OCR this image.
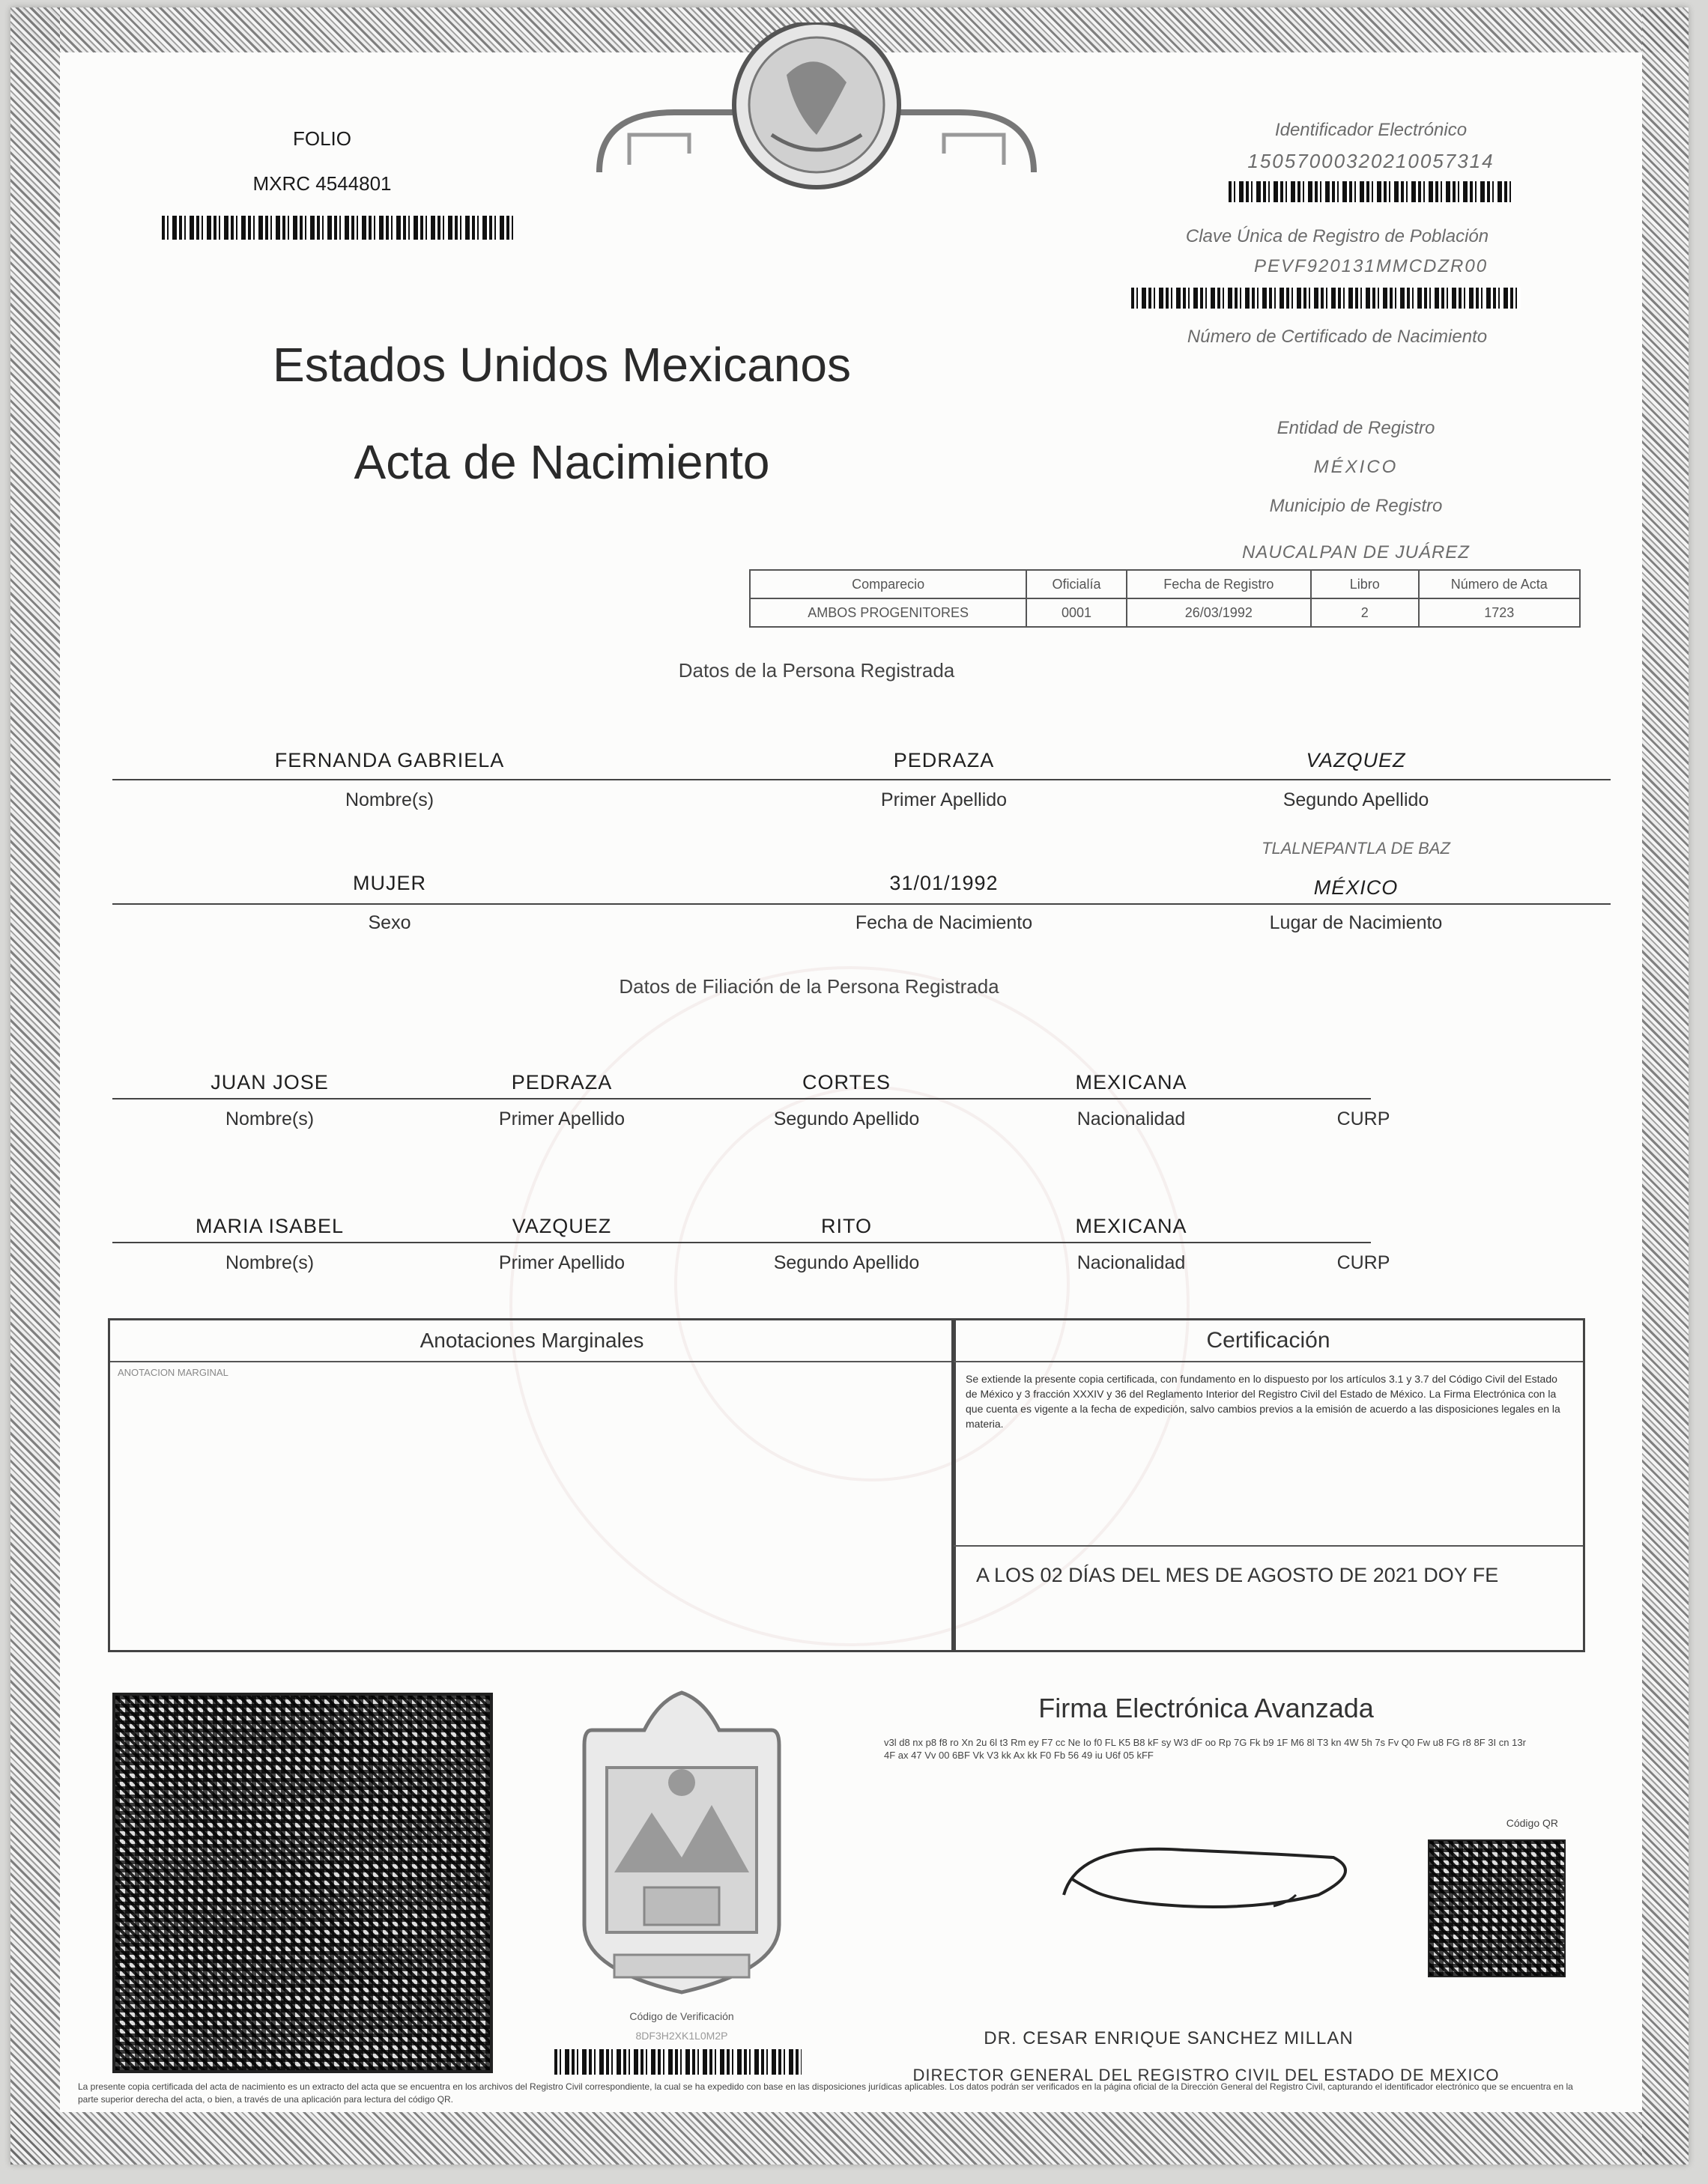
FOLIO
MXRC 4544801
Identificador Electrónico
15057000320210057314
Clave Única de Registro de Población
PEVF920131MMCDZR00
Número de Certificado de Nacimiento
Estados Unidos Mexicanos
Acta de Nacimiento
Entidad de Registro
MÉXICO
Municipio de Registro
NAUCALPAN DE JUÁREZ
Comparecio	Oficialía	Fecha de Registro	Libro	Número de Acta
AMBOS PROGENITORES	0001	26/03/1992	2	1723
Datos de la Persona Registrada
FERNANDA GABRIELA	PEDRAZA	VAZQUEZ
Nombre(s)	Primer Apellido	Segundo Apellido
TLALNEPANTLA DE BAZ
MUJER	31/01/1992	MÉXICO
Sexo	Fecha de Nacimiento	Lugar de Nacimiento
Datos de Filiación de la Persona Registrada
JUAN JOSE	PEDRAZA	CORTES	MEXICANA
Nombre(s)	Primer Apellido	Segundo Apellido	Nacionalidad	CURP
MARIA ISABEL	VAZQUEZ	RITO	MEXICANA
Nombre(s)	Primer Apellido	Segundo Apellido	Nacionalidad	CURP
Anotaciones Marginales
ANOTACION MARGINAL
Certificación
Se extiende la presente copia certificada, con fundamento en lo dispuesto por los artículos 3.1 y 3.7 del Código Civil del Estado de México y 3 fracción XXXIV y 36 del Reglamento Interior del Registro Civil del Estado de México. La Firma Electrónica con la que cuenta es vigente a la fecha de expedición, salvo cambios previos a la emisión de acuerdo a las disposiciones legales en la materia.
A LOS 02 DÍAS DEL MES DE AGOSTO DE 2021 DOY FE
Código de Verificación
8DF3H2XK1L0M2P
Firma Electrónica Avanzada
v3l d8 nx p8 f8 ro Xn 2u 6l t3 Rm ey F7 cc Ne Io f0 FL K5 B8 kF sy W3 dF oo Rp 7G Fk b9 1F M6 8l T3 kn 4W 5h 7s Fv Q0 Fw u8 FG r8 8F 3I cn 13r 4F ax 47 Vv 00 6BF Vk V3 kk Ax kk F0 Fb 56 49 iu U6f 05 kFF
Código QR
DR. CESAR ENRIQUE SANCHEZ MILLAN
DIRECTOR GENERAL DEL REGISTRO CIVIL DEL ESTADO DE MEXICO
La presente copia certificada del acta de nacimiento es un extracto del acta que se encuentra en los archivos del Registro Civil correspondiente, la cual se ha expedido con base en las disposiciones jurídicas aplicables. Los datos podrán ser verificados en la página oficial de la Dirección General del Registro Civil, capturando el identificador electrónico que se encuentra en la parte superior derecha del acta, o bien, a través de una aplicación para lectura del código QR.
